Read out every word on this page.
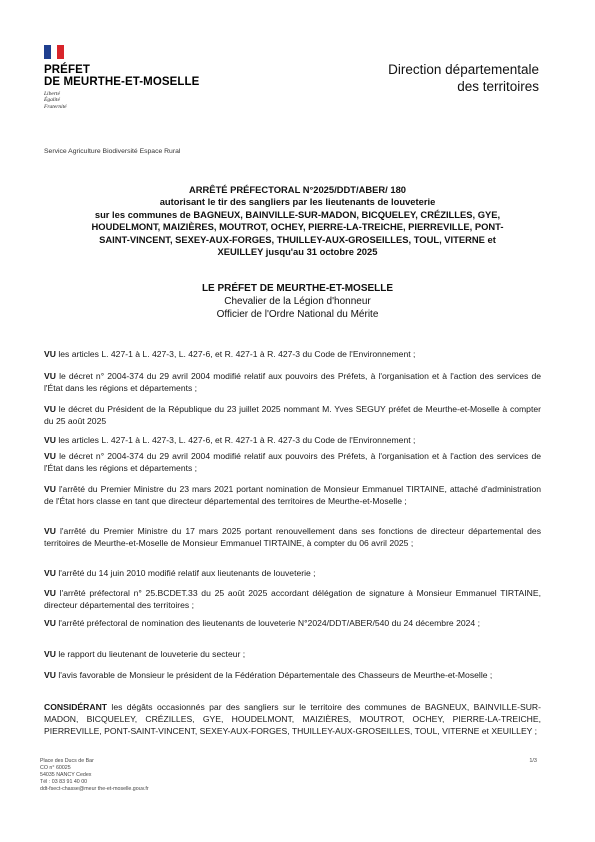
PRÉFET
DE MEURTHE-ET-MOSELLE
Liberté
Égalité
Fraternité
Direction départementale
des territoires
Service Agriculture Biodiversité Espace Rural
ARRÊTÉ PRÉFECTORAL N°2025/DDT/ABER/ 180
autorisant le tir des sangliers par les lieutenants de louveterie
sur les communes de BAGNEUX, BAINVILLE-SUR-MADON, BICQUELEY, CRÉZILLES, GYE,
HOUDELMONT, MAIZIÈRES, MOUTROT, OCHEY, PIERRE-LA-TREICHE, PIERREVILLE, PONT-
SAINT-VINCENT, SEXEY-AUX-FORGES, THUILLEY-AUX-GROSEILLES, TOUL, VITERNE et
XEUILLEY jusqu'au 31 octobre 2025
LE PRÉFET DE MEURTHE-ET-MOSELLE
Chevalier de la Légion d'honneur
Officier de l'Ordre National du Mérite
VU les articles L. 427-1 à L. 427-3, L. 427-6, et R. 427-1 à R. 427-3 du Code de l'Environnement ;
VU le décret n° 2004-374 du 29 avril 2004 modifié relatif aux pouvoirs des Préfets, à l'organisation et à l'action des services de l'État dans les régions et départements ;
VU le décret du Président de la République du 23 juillet 2025 nommant M. Yves SEGUY préfet de Meurthe-et-Moselle à compter du 25 août 2025
VU les articles L. 427-1 à L. 427-3, L. 427-6, et R. 427-1 à R. 427-3 du Code de l'Environnement ;
VU le décret n° 2004-374 du 29 avril 2004 modifié relatif aux pouvoirs des Préfets, à l'organisation et à l'action des services de l'État dans les régions et départements ;
VU l'arrêté du Premier Ministre du 23 mars 2021 portant nomination de Monsieur Emmanuel TIRTAINE, attaché d'administration de l'État hors classe en tant que directeur départemental des territoires de Meurthe-et-Moselle ;
VU l'arrêté du Premier Ministre du 17 mars 2025 portant renouvellement dans ses fonctions de directeur départemental des territoires de Meurthe-et-Moselle de Monsieur Emmanuel TIRTAINE, à compter du 06 avril 2025 ;
VU l'arrêté du 14 juin 2010 modifié relatif aux lieutenants de louveterie ;
VU l'arrêté préfectoral n° 25.BCDET.33 du 25 août 2025 accordant délégation de signature à Monsieur Emmanuel TIRTAINE, directeur départemental des territoires ;
VU l'arrêté préfectoral de nomination des lieutenants de louveterie N°2024/DDT/ABER/540 du 24 décembre 2024 ;
VU le rapport du lieutenant de louveterie du secteur ;
VU l'avis favorable de Monsieur le président de la Fédération Départementale des Chasseurs de Meurthe-et-Moselle ;
CONSIDÉRANT les dégâts occasionnés par des sangliers sur le territoire des communes de BAGNEUX, BAINVILLE-SUR-MADON, BICQUELEY, CRÉZILLES, GYE, HOUDELMONT, MAIZIÈRES, MOUTROT, OCHEY, PIERRE-LA-TREICHE, PIERREVILLE, PONT-SAINT-VINCENT, SEXEY-AUX-FORGES, THUILLEY-AUX-GROSEILLES, TOUL, VITERNE et XEUILLEY ;
Place des Ducs de Bar
CO n° 60025
54035 NANCY Cedex
Tél : 03 83 91 40 00
ddt-fsect-chasse@meur the-et-moselle.gouv.fr
1/3
